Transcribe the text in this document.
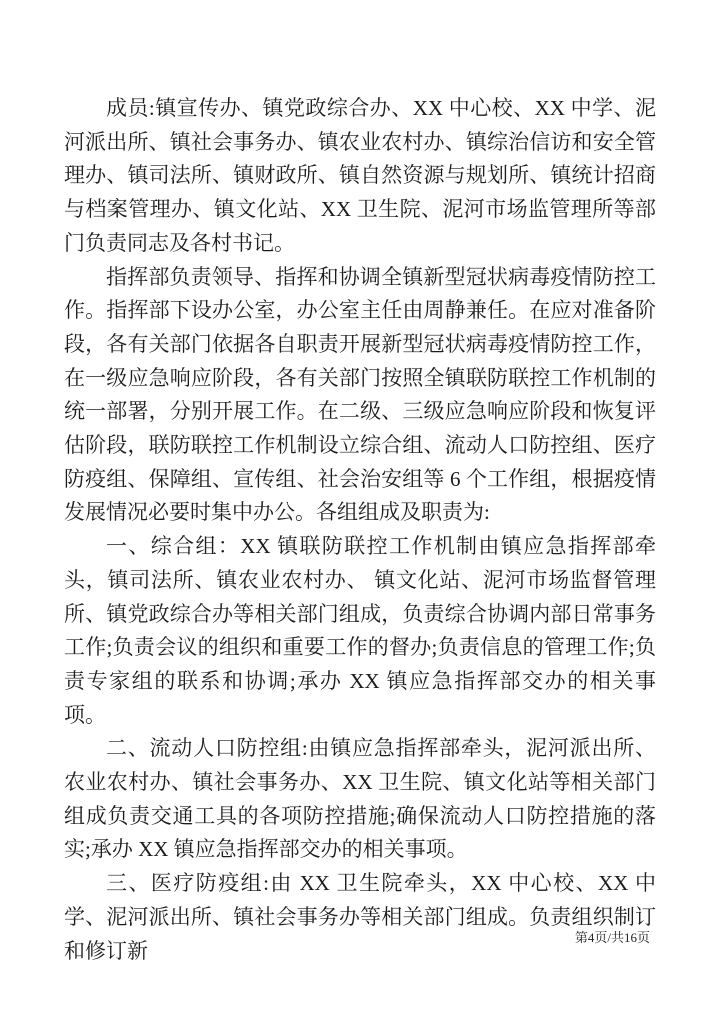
成员:镇宣传办、镇党政综合办、XX 中心校、XX 中学、泥河派出所、镇社会事务办、镇农业农村办、镇综治信访和安全管理办、镇司法所、镇财政所、镇自然资源与规划所、镇统计招商与档案管理办、镇文化站、XX 卫生院、泥河市场监管理所等部门负责同志及各村书记。

指挥部负责领导、指挥和协调全镇新型冠状病毒疫情防控工作。指挥部下设办公室，办公室主任由周静兼任。在应对准备阶段，各有关部门依据各自职责开展新型冠状病毒疫情防控工作，在一级应急响应阶段，各有关部门按照全镇联防联控工作机制的统一部署，分别开展工作。在二级、三级应急响应阶段和恢复评估阶段，联防联控工作机制设立综合组、流动人口防控组、医疗防疫组、保障组、宣传组、社会治安组等 6 个工作组，根据疫情发展情况必要时集中办公。各组组成及职责为:

一、综合组：XX 镇联防联控工作机制由镇应急指挥部牵头，镇司法所、镇农业农村办、 镇文化站、泥河市场监督管理所、镇党政综合办等相关部门组成，负责综合协调内部日常事务工作;负责会议的组织和重要工作的督办;负责信息的管理工作;负责专家组的联系和协调;承办 XX 镇应急指挥部交办的相关事项。

二、流动人口防控组:由镇应急指挥部牵头，泥河派出所、农业农村办、镇社会事务办、XX 卫生院、镇文化站等相关部门组成负责交通工具的各项防控措施;确保流动人口防控措施的落实;承办 XX 镇应急指挥部交办的相关事项。

三、医疗防疫组:由 XX 卫生院牵头，XX 中心校、XX 中学、泥河派出所、镇社会事务办等相关部门组成。负责组织制订和修订新

第4页/共16页
